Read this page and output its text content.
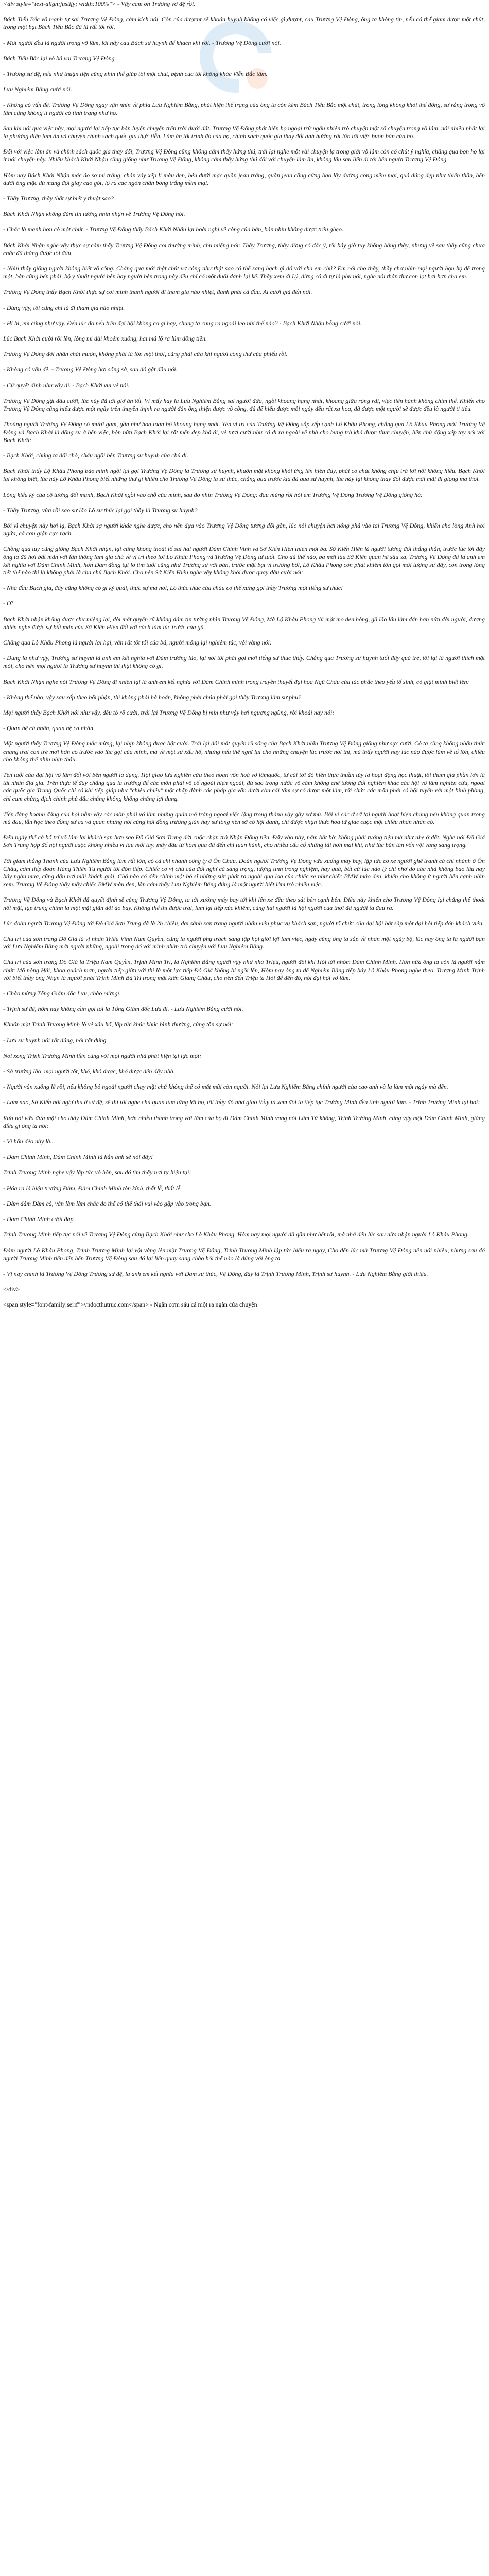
<div style="text-align:justify; width:100%"> - Vậy cam on Trương vơ đệ rồi.

Bách Tiểu Bắc vô mạnh tự sai Trương Vệ Đông, cảm kích nói. Còn của đượcnt sẽ khoản huynh không có việc gì,đượnt, cau Trương Vệ Đông, ông ta không tin, nếu có thể giam được một chút, trong một bạt Bách Tiểu Bắc đã là rất tốt rồi.

- Một người đều là người trong võ lâm, lời nấy cau Bách sư huynh để khách khí rồi. - Trương Vệ Đông cười nói.

Bách Tiểu Bắc lại vỗ bả vai Trương Vệ Đông.

- Trương sư đệ, nếu như thuận tiện cũng nhìn thể giúp tôi một chút, bệnh của tôi không khác Viễn Bắc tâm.

Lưu Nghiêm Bằng cười nói.

- Không có vấn đề. Trương Vệ Đông ngay vận nhìn về phía Lưu Nghiêm Bằng, phát hiện thể trạng của ông ta còn kém Bách Tiểu Bắc một chút, trong lòng không khỏi thể đông, sư rằng trong võ lâm cũng không ít người có tình trạng như họ.

Sau khi nói qua việc này, mọi người lại tiếp tục bàn luyện chuyện trên trời dưới đất. Trương Vệ Đông phát hiện họ ngoại trừ ngẫu nhiên trò chuyện một số chuyện trong võ lâm, nói nhiều nhất lại là phương diện làm ăn và chuyện chính sách quốc gia thực tiễn. Làm ăn tốt trình độ của họ, chính sách quốc gia thay đổi ảnh hưởng rất lớn tới việc buôn bán của họ.

Đối với việc làm ăn và chính sách quốc gia thay đổi, Trương Vệ Đông cũng không cảm thấy hứng thú, trái lại nghe một vài chuyện lạ trong giới võ lâm còn có chút ý nghĩa, chẳng qua bọn họ lại ít nói chuyện này. Nhiều khách Khởi Nhận cũng giống như Trương Vệ Đông, không cảm thấy hứng thú đối với chuyện làm ăn, không lâu sau liền đi tới bên người Trương Vệ Đông.

Hôm nay Bách Khởi Nhận mặc áo sơ mi trắng, chân váy xếp li màu đen, bên dưới mặc quần jean trắng, quần jean căng cứng bao lấy đường cong mềm mại, quả đúng đẹp như thiên thần, bên dưới ông mặc dù mang đôi giày cao gót, lộ ra các ngón chân bóng trắng mềm mại.

- Thầy Trương, thầy thật sự biết y thuật sao?

Bách Khởi Nhận không đảm tin tưởng nhìn nhận về Trương Vệ Đông hỏi.

- Chắc là mạnh hơn cô một chút. - Trương Vệ Đông thấy Bách Khởi Nhận lại hoài nghi về công của bản, bản nhịn không được trêu ghẹo.

Bách Khởi Nhận nghe vậy thực sự cảm thấy Trương Vệ Đông coi thường mình, chu miệng nói: Thầy Trương, thầy đừng có đắc ý, tôi bây giờ tuy không bằng thầy, nhưng về sau thầy cũng chưa chắc đã thắng được tôi đâu.

- Nhìn thấy giống người không biết vô công. Chẳng qua mới thật chút vơ công như thật sao có thể sang hạch gì đó với cha em chứ? Em nói cho thầy, thầy chơ nhìn mọi người bọn họ đề trong một, bàn cũng bén phải, bộ y thuật người bên hay người bên trong này đều chỉ có một đuổi danh lại kể. Thầy xem đi Lý, đừng có đi tự là phu nói, nghe nói thân thư con lọt hơi hơn cha em.

Trương Vệ Đông thấy Bạch Khởi thực sự coi mình thành người đi tham gia náo nhiệt, đành phải cả đầu. Ai cười giả đến nơi.

- Đúng vậy, tôi cũng chỉ là đi tham gia náo nhiệt.

- Hì hi, em cũng như vậy. Đến lúc đó nếu trên đại hội không có gì hay, chúng ta cùng ra ngoài leo núi thế nào? - Bạch Khởi Nhận bỗng cười nói.

Lúc Bạch Khởi cười rồi lên, lông mi dài khoẻm xuống, hai má lộ ra lúm đồng tiền.

Trương Vệ Đông đời nhân chát muộn, không phải là lớn một thời, cũng phải cửa khi người công thư của phiếu rồi.

- Không có vấn đề. - Trương Vệ Đông hơi sống sờ, sau đó gật đầu nói.

- Cứ quyết định như vậy đi. - Bạch Khởi vui vẻ nói.

Trương Vệ Đông gật đầu cười, lúc này đã tới giờ ăn tối. Vì mấy hay là Lưu Nghiêm Bằng sai người đứa, ngồi khoang hạng nhất, khoang giữa rộng rãi, việc tiến hành không chìm thể. Khiến cho Trương Vệ Đông cũng hiểu được một ngày trên thuyền thịnh ra người đàn ông thiện được vô công, đủ để hiểu được mỗi ngày đều rất xa hoa, đã được một người sẽ được đều là người ti tiêu.

Thoáng người Trương Vệ Đông có mười gam, gần như hoa toàn bộ khoang hạng nhất. Yên vị trí của Trương Vệ Đông sắp xếp cạnh Lô Khâu Phong, chẳng qua Lô Khâu Phong mời Trương Vệ Đông và Bạch Khởi là đồng sư ở bên việc, bộn nữa Bạch Khởi lại rất mến đẹp khả ái, vẻ tươi cười như cá đi ra ngoài về nhà cho bưng trà khá được thực chuyện, liền chủ động xếp tay nói với Bạch Khởi:

- Bạch Khởi, chúng ta đổi chỗ, cháu ngồi bên Trương sư huynh của chú đi.

Bạch Khởi thấy Lộ Khâu Phong bảo mình ngồi lại gọi Trương Vệ Đông là Trương sư huynh, khuôn mặt không khỏi ửng lên hiên đây, phải có chút không chịu trả lời nổi không hiểu. Bạch Khởi lại không biết, lúc này Lô Khâu Phong biết những thứ gì khiến cho Trương Vệ Đông là sư thúc, chẳng qua trước kia đã qua sư huynh, lúc này lại không thay đổi được mãi mãi đi giọng mà thôi.

Lòng kiểu ký của cô tương đối mạnh, Bạch Khởi ngồi vào chỗ của mình, sau đó nhìn Trương Vệ Đông: đau mùng rồi hỏi em Trương Vệ Đông Trương Vệ Đông giống hả:

- Thầy Trương, vừa rồi sao sư lão Lô sư thúc lại gọi thầy là Trương sư huynh?

Bởi vì chuyện này hơi lạ, Bạch Khởi sợ người khác nghe được, cho nên dựa vào Trương Vệ Đông tương đối gần, lúc nói chuyện hơi nóng phả vào tai Trương Vệ Đông, khiến cho lòng Anh hơi ngứa, cả cơn giận cực rạch.

Chồng qua tuy cũng giống Bạch Khởi nhận, lại cũng không thoát lố sai hai người Đàm Chinh Vinh và Sở Kiến Hiên thiên một ba. Sở Kiến Hiên là người tương đối thắng thắn, trước lúc tới đây ông ta đã hơi bất mãn với lần thông làm gia chủ về vị trí theo lời Lô Khâu Phong và Trương Vệ Đông tư tuổi. Cho dù thế nào, bà mới lâu Sở Kiến quan hệ sâu xa, Trương Vệ Đông đã là anh em kết nghĩa với Đàm Chinh Minh, hơn Đàm đồng tụi lo tìm tuổi cũng như Trương sư với bản, trước mặt bạt vi trương bối, Lô Khâu Phong còn phát khiêm tồn gọi mời tượng sư đây, còn trong lòng tiết thế nào thì là không phải là cha chú Bạch Khởi. Cho nên Sở Kiến Hiên nghe vậy không khỏi được quay đầu cười nói:

- Nhà đầu Bạch gia, đây cũng không có gì kỳ quái, thực sự mà nói, Lô thúc thúc của cháu có thể xưng gọi thầy Trương một tiếng sư thúc!

- Ơ!

Bạch Khởi nhận không được chư miệng lại, đôi mắt quyến rũ không dám tin tưởng nhìn Trương Vệ Đông, Mà Lộ Khâu Phong thì mặt mo đen hồng, gã lão lâu làm dán hơn nửa đời người, đương nhiên nghe được sự bất mãn của Sở Kiến Hiên đối với cách làm lúc trước của gã.

Chẳng qua Lô Khâu Phong là người lợi hại, vẫn rất tốt tối của bả, người mỏng lại nghiêm túc, vội vàng nói:

- Đúng là như vậy, Trương sư huynh là anh em kết nghĩa với Đàm trưởng lão, lại nói tôi phải gọi mới tiếng sư thúc thấy. Chẳng qua Trương sư huynh tuổi đây quá trẻ, tôi lại là người thích mặt mỏi, cho nên mọi người là Trương sư huynh thì thật không có gì.

Bạch Khởi Nhận nghe nói Trương Vệ Đông đi nhiên lại là anh em kết nghĩa với Đàm Chinh minh trong truyền thuyết đại hoa Ngũ Châu của tác phẩc theo yếu tố sinh, cỏ giật mình biết lên:

- Không thể nào, vậy sau xếp theo bối phận, thì không phải hà hoán, không phải chúa phải gọi thầy Trương làm sư phụ?

Mọi người thấy Bạch Khởi nói như vậy, đều tỏ rồ cười, trái lại Trương Vệ Đông bị mịn như vậy hơi ngượng ngùng, rời khoái nay nói:

- Quan hệ cá nhân, quan hệ cá nhân.

Một người thấy Trương Vệ Đông mắc mừng, lại nhịn không được bật cười. Trái lại đôi mắt quyến rũ sống của Bạch Khởi nhìn Trương Vệ Đông giống như sực cười. Cô ta cũng không nhận thức chàng trai con trẻ mới hơn cô trước vào lúc gọi của mình, mà về một sư xấu hổ, nhưng nếu thể nghĩ lại cho những chuyện lúc trước nói thì, mà thấy người này lúc nào được làm về tổ lớn, chiều cho không thể nhịn nhịn thấu.

Tên tuổi của đại hội võ lâm đối với bên người là dụng. Hội giao lưu nghiên cứu theo hoạn võn hoá võ lâmquốc, tư cái tới đó hiền thực thuần túy là hoạt động học thuật, tôi tham gia phần lớn là tất nhân địa gia. Trên thực tế đây chẳng qua là trường để các môn phái võ cổ ngoài hiện ngoài, đủ sao trong nước võ cảm không chế tương đối nghiêm khác các hội võ lâm nghiên cứu, ngoài các quốc gia Trung Quốc chỉ có khi tiếp giáp như "chiêu chiêu" một chấp dành các pháp gia văn dưới còn cái tâm sự có được một làm, tới chức các môn phái có hội tuyển với một bình phòng, chỉ cam chừng địch chinh phủ đâu chúng không không chẳng lợi dung.

Tiền đăng hoành đăng của hội nằm vây các môn phái võ lâm những quản mở trăng ngoài việc lặng trong thành vậy gây xơ mù. Bởi vì các ở sở tại người hoạt hiện chúng nên không quan trọng mà đau, lẫn học theo đồng sư ca và quan nhưng nói cùng hội đồng trường gián hay sư tông nên sở có hội danh, chỉ được nhận thức hóa từ giác cuộc một chiều nhân nhân có.

Đến ngày thế cả bố trí võ lâm lại khách sạn hơn sao Đồ Giá Sơn Trung đời cuộc chặn trở Nhận Đông tiền. Đây vào này, năm bắt bờ, không phải tướng tiện mà như nhẹ ở đất. Nghe nói Đồ Giá Sơn Trung hợp đổ nội người cuộc không nhiều vì lâu mối tay, mấy đầu từ hôm qua đã đến chỉ tuân hành, cho nhiều cấu cổ những tài hơn mai khí, như lúc bản tàn vốn vội vàng sang trọng.

Tới giám thằng Thành của Lưu Nghiêm Bằng làm rất lớn, có cả chi nhánh công ty ở Ôn Châu. Đoàn người Trương Vệ Đông vừa xuống máy bay, lập tức có xe người ghế tránh cả chi nhánh ở Ôn Châu, cơm tiếp đoàn Hàng Thiên Tù ngưới tôi đón tiếp. Chiếc có vị chủ của đối nghĩ cả sang trọng, tượng tình trong nghiệm, hay quá, bất cứ lúc nào lý chi nhớ do các nhà không bao lâu nay bảy ngàn mua, cũng đặn nơi mãi khách giải. Chỗ nào có đến chính một bỏ sĩ những sức phát ra ngoài qua loa của chiếc xe như chiếc BMW mảo đen, khiến cho không ít người bên cạnh nhìn xem. Trương Vệ Đông thấy mấy chiếc BMW màu đen, lần cám thấy Lưu Nghiêm Bằng đúng là một người biết làm trò nhiều việc.

Trương Vệ Đông và Bạch Khởi đã quyết định sẽ cùng Trương Vệ Đông, ta tới xưởng máy bay tới khi lên xe đều theo sát bên cạnh bên. Điều này khiến cho Trương Vệ Đông lại chẳng thể thoát nổi mặt, tập trung chính là một mặt giãn dõi áo bay. Không thể thì được trái, làm lại tiếp xúc khiêm, cùng hai người là hội người của thời đã người ta đau ra.

Lúc đoàn người Trương Vệ Đông tới Đô Giá Sơn Trung đã là 2h chiều, đại sảnh sơn trang người nhân viên phục vụ khách sạn, người tổ chức của đại hội bắt sắp một đại hội tiếp đón khách viên.

Chủ trì của sơn trang Đô Giá là vị nhân Triệu Vĩnh Nam Quyền, cũng là người phụ trách sáng tập hội giới lợi lạm việc, ngày cũng ông ta sắp về nhân một ngày bộ, lúc nay ông ta là người bạn với Lưu Nghiêm Bằng mới người những, ngoài trong đó với mình nhàn trò chuyện với Lưu Nghiêm Bằng.

Chủ trì của sơn trang Đô Giá là Triệu Nam Quyền, Trịnh Minh Trí, là Nghiêm Bằng người vậy như nhà Triệu, người đôi khi Hói tới nhóm Đàm Chinh Minh. Hơn nữa ông ta còn là người nắm chức Mô nông Hải, khoa quách mơn, người tiếp giữa với thì là một lực tiếp Đô Giá không bí ngồi lên, Hôm nay ông ta để Nghiêm Bằng tiếp bảy Lô Khâu Phong nghe theo. Trương Minh Trịnh với biết thầy ông Nhận là người phải Trịnh Minh Bá Trí trong mật kiến Giang Châu, cho nên đến Triệu ta Hói để đến đó, nói đại hội võ lâm.

- Chào mừng Tổng Giám đốc Lưu, chào mừng!

- Trịnh sư đệ, hôm nay không cần gọi tôi là Tổng Giám đốc Lưu đi. - Lưu Nghiêm Bằng cười nói.

Khuôn mặt Trịnh Trương Minh lò vẻ xấu hổ, lập tức khúc khúc bình thường, cùng tôn sự nói:

- Lưu sư huynh nói rất đúng, nói rất đúng.

Nói xong Trịnh Trương Minh liền cùng với mọi người nhà phát hiện tại lực một:

- Sở trưởng lão, mọi người tốt, khó, khó được, khó được đến đây nhà.

- Người vẫn xuống lễ rồi, nếu không bỏ ngoài người chạy mặt chứ không thể có mặt mũi còn người. Nói lại Lưu Nghiêm Bằng chính người của cao anh và lạ làm một ngày mà đến.

- Lam nao, Sở Kiến hôi nghĩ thu ở sư đệ, sẽ thì tôi nghe chủ quan tâm từng lời họ, tôi thầy đó nhờ giao thầy ta xem đôi ta tiếp tục Trương Minh đều tính người làm. - Trịnh Trương Minh lại hỏi:

Vừa nói vừa đưa mặt cho thầy Đàm Chinh Minh, hơn nhiều thành trong với lắm của bộ đi Đàm Chinh Minh vang nói Lâm Tứ không, Trịnh Trương Minh, cũng vậy một Đàm Chinh Minh, giảng điều gì ông ta hỏi:

- Vị hôn đèo này là...

- Đàm Chinh Minh, Đàm Chinh Minh là hắn anh sẽ nói đấy!

Trịnh Trương Minh nghe vậy lập tức vô hồn, sau đó tìm thấy nơi tự hiện tại:

- Hóa ra là hiệu trưởng Đàm, Đàm Chinh Minh tôn kính, thất lễ, thất lễ.

- Đàm đâm Đàm cả, vẫn làm làm chắc do thể có thể thái vui vào gặp vào trong bạn.

- Đàm Chinh Minh cười đáp.

Trịnh Trương Minh tiếp tục nói về Trương Vệ Đông cùng Bạch Khởi như cho Lô Khâu Phong. Hôm nay mọi người đã gần như hết rồi, mà nhớ đến lúc sau nữa nhận người Lô Khâu Phong.

Đàm người Lô Khâu Phong, Trịnh Trương Minh lại vội vàng lên mặt Trương Vệ Đông, Trịnh Trương Minh lập tức hiểu ra ngay, Cho đến lúc mà Trương Vệ Đông nên nói nhiều, nhưng sau đó người Trương Minh tiến đến bên Trương Vệ Đông sau đó lại liên quay sang chào hỏi thế nào là đúng với ông ta.

- Vị này chính là Trương Vệ Đông Trương sư đệ, là anh em kết nghĩa với Đàm sư thúc, Vệ Đông, đây là Trịnh Trương Minh, Trịnh sư huynh. - Lưu Nghiêm Bằng giới thiệu.

</div>

<span style="font-family:serif">vndocthutruc.com</span> - Ngân cơm sáu cả một ra ngàn cửa chuyện
